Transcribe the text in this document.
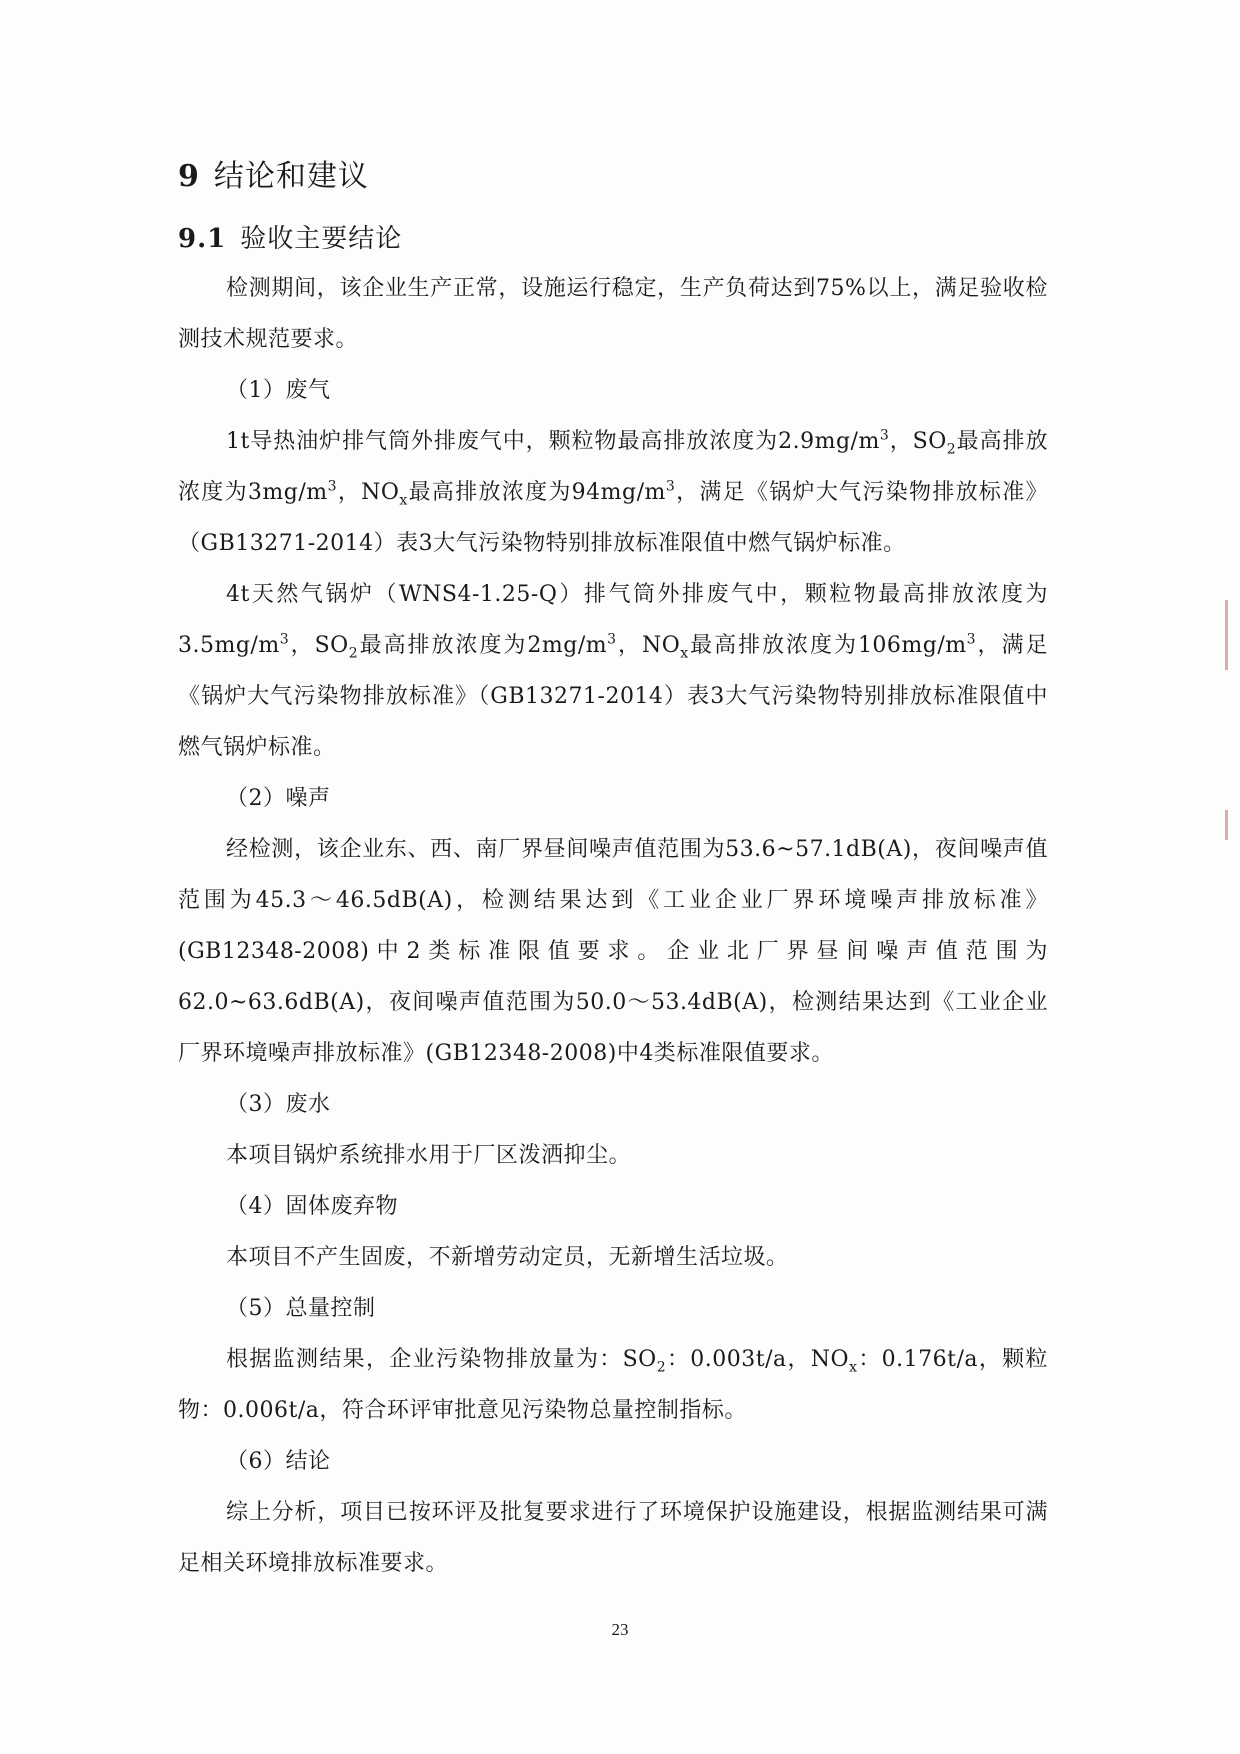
9 结论和建议
9.1 验收主要结论

检测期间，该企业生产正常，设施运行稳定，生产负荷达到75%以上，满足验收检测技术规范要求。

（1）废气

1t导热油炉排气筒外排废气中，颗粒物最高排放浓度为$2.9mg/m^3$，$SO_2$最高排放浓度为$3mg/m^3$，$NO_x$最高排放浓度为$94mg/m^3$，满足《锅炉大气污染物排放标准》（GB13271-2014）表3大气污染物特别排放标准限值中燃气锅炉标准。

4t天然气锅炉（WNS4-1.25-Q）排气筒外排废气中，颗粒物最高排放浓度为$3.5mg/m^3$，$SO_2$最高排放浓度为$2mg/m^3$，$NO_x$最高排放浓度为$106mg/m^3$，满足《锅炉大气污染物排放标准》（GB13271-2014）表3大气污染物特别排放标准限值中燃气锅炉标准。

（2）噪声

经检测，该企业东、西、南厂界昼间噪声值范围为53.6~57.1dB(A)，夜间噪声值范围为45.3～46.5dB(A)，检测结果达到《工业企业厂界环境噪声排放标准》(GB12348-2008)中2类标准限值要求。企业北厂界昼间噪声值范围为62.0~63.6dB(A)，夜间噪声值范围为50.0～53.4dB(A)，检测结果达到《工业企业厂界环境噪声排放标准》(GB12348-2008)中4类标准限值要求。

（3）废水

本项目锅炉系统排水用于厂区泼洒抑尘。

（4）固体废弃物

本项目不产生固废，不新增劳动定员，无新增生活垃圾。

（5）总量控制

根据监测结果，企业污染物排放量为：$SO_2$：0.003t/a，$NO_x$：0.176t/a，颗粒物：0.006t/a，符合环评审批意见污染物总量控制指标。

（6）结论

综上分析，项目已按环评及批复要求进行了环境保护设施建设，根据监测结果可满足相关环境排放标准要求。

23
